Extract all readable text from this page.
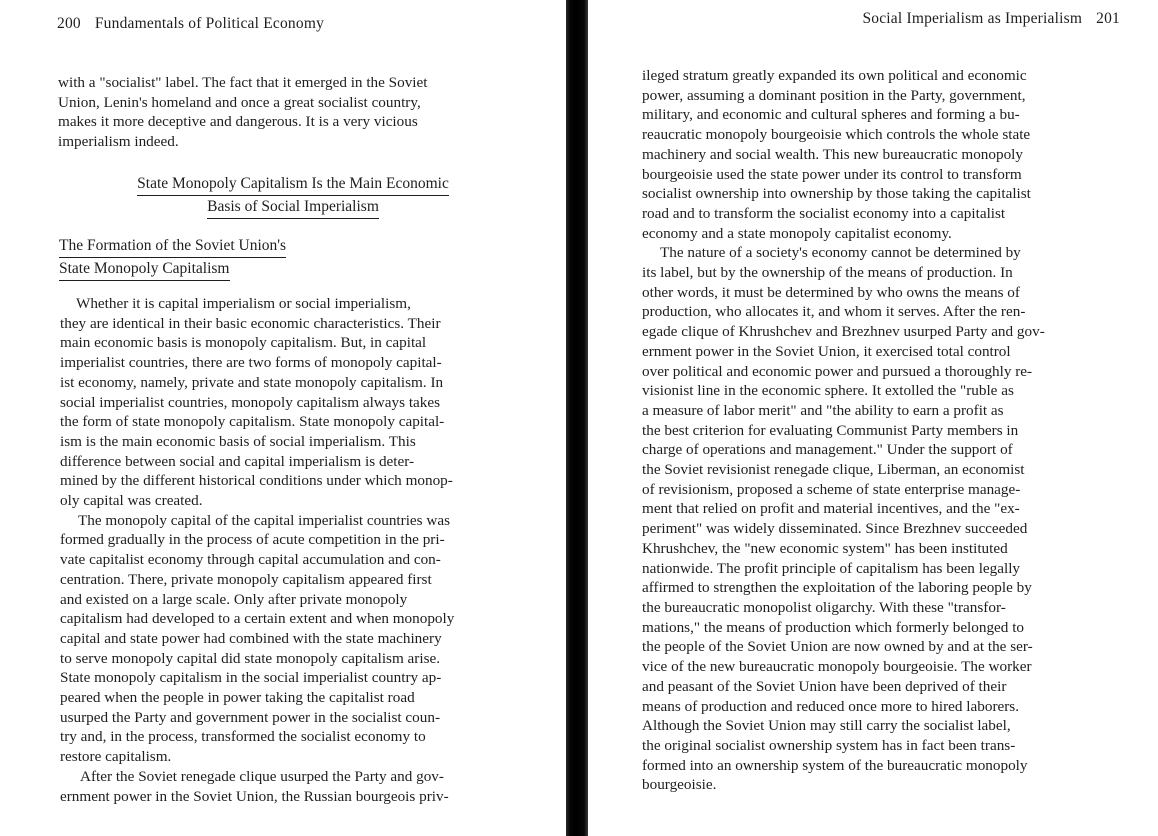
200 Fundamentals of Political Economy

with a "socialist" label. The fact that it emerged in the Soviet
Union, Lenin's homeland and once a great socialist country,
makes it more deceptive and dangerous. It is a very vicious
imperialism indeed.

State Monopoly Capitalism Is the Main Economic
Basis of Social Imperialism
The Formation of the Soviet Union's
State Monopoly Capitalism

Whether it is capital imperialism or social imperialism,
they are identical in their basic economic characteristics. Their
main economic basis is monopoly capitalism. But, in capital
imperialist countries, there are two forms of monopoly capital-
ist economy, namely, private and state monopoly capitalism. In
social imperialist countries, monopoly capitalism always takes
the form of state monopoly capitalism. State monopoly capital-
ism is the main economic basis of social imperialism. This
difference between social and capital imperialism is deter-
mined by the different historical conditions under which monop-
oly capital was created.
The monopoly capital of the capital imperialist countries was
formed gradually in the process of acute competition in the pri-
vate capitalist economy through capital accumulation and con-
centration. There, private monopoly capitalism appeared first
and existed on a large scale. Only after private monopoly
capitalism had developed to a certain extent and when monopoly
capital and state power had combined with the state machinery
to serve monopoly capital did state monopoly capitalism arise.
State monopoly capitalism in the social imperialist country ap-
peared when the people in power taking the capitalist road
usurped the Party and government power in the socialist coun-
try and, in the process, transformed the socialist economy to
restore capitalism.
After the Soviet renegade clique usurped the Party and gov-
ernment power in the Soviet Union, the Russian bourgeois priv-

Social Imperialism as Imperialism 201

ileged stratum greatly expanded its own political and economic
power, assuming a dominant position in the Party, government,
military, and economic and cultural spheres and forming a bu-
reaucratic monopoly bourgeoisie which controls the whole state
machinery and social wealth. This new bureaucratic monopoly
bourgeoisie used the state power under its control to transform
socialist ownership into ownership by those taking the capitalist
road and to transform the socialist economy into a capitalist
economy and a state monopoly capitalist economy.
The nature of a society's economy cannot be determined by
its label, but by the ownership of the means of production. In
other words, it must be determined by who owns the means of
production, who allocates it, and whom it serves. After the ren-
egade clique of Khrushchev and Brezhnev usurped Party and gov-
ernment power in the Soviet Union, it exercised total control
over political and economic power and pursued a thoroughly re-
visionist line in the economic sphere. It extolled the "ruble as
a measure of labor merit" and "the ability to earn a profit as
the best criterion for evaluating Communist Party members in
charge of operations and management." Under the support of
the Soviet revisionist renegade clique, Liberman, an economist
of revisionism, proposed a scheme of state enterprise manage-
ment that relied on profit and material incentives, and the "ex-
periment" was widely disseminated. Since Brezhnev succeeded
Khrushchev, the "new economic system" has been instituted
nationwide. The profit principle of capitalism has been legally
affirmed to strengthen the exploitation of the laboring people by
the bureaucratic monopolist oligarchy. With these "transfor-
mations," the means of production which formerly belonged to
the people of the Soviet Union are now owned by and at the ser-
vice of the new bureaucratic monopoly bourgeoisie. The worker
and peasant of the Soviet Union have been deprived of their
means of production and reduced once more to hired laborers.
Although the Soviet Union may still carry the socialist label,
the original socialist ownership system has in fact been trans-
formed into an ownership system of the bureaucratic monopoly
bourgeoisie.
